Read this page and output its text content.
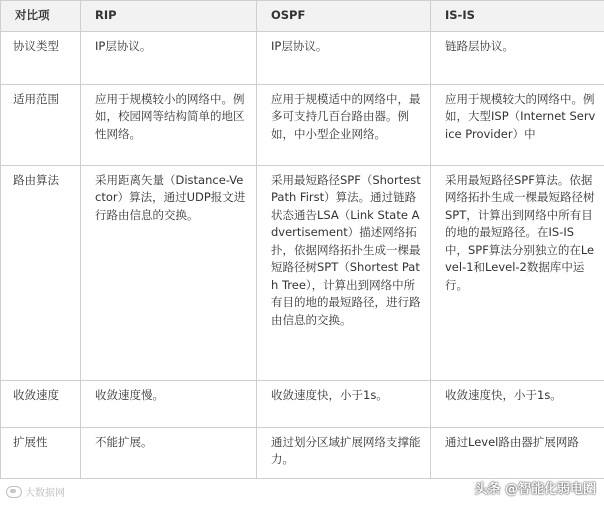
对比项	RIP	OSPF	IS-IS
协议类型	IP层协议。	IP层协议。	链路层协议。
适用范围	应用于规模较小的网络中。例如，校园网等结构简单的地区性网络。	应用于规模适中的网络中，最多可支持几百台路由器。例如，中小型企业网络。	应用于规模较大的网络中。例如，大型ISP（Internet Service Provider）中
路由算法	采用距离矢量（Distance-Vector）算法，通过UDP报文进行路由信息的交换。	采用最短路径SPF（Shortest Path First）算法。通过链路状态通告LSA（Link State Advertisement）描述网络拓扑，依据网络拓扑生成一棵最短路径树SPT（Shortest Path Tree），计算出到网络中所有目的地的最短路径，进行路由信息的交换。	采用最短路径SPF算法。依据网络拓扑生成一棵最短路径树SPT，计算出到网络中所有目的地的最短路径。在IS-IS中，SPF算法分别独立的在Level-1和Level-2数据库中运行。
收敛速度	收敛速度慢。	收敛速度快，小于1s。	收敛速度快，小于1s。
扩展性	不能扩展。	通过划分区域扩展网络支撑能力。	通过Level路由器扩展网路
大数据网	头条 @智能化弱电圈
